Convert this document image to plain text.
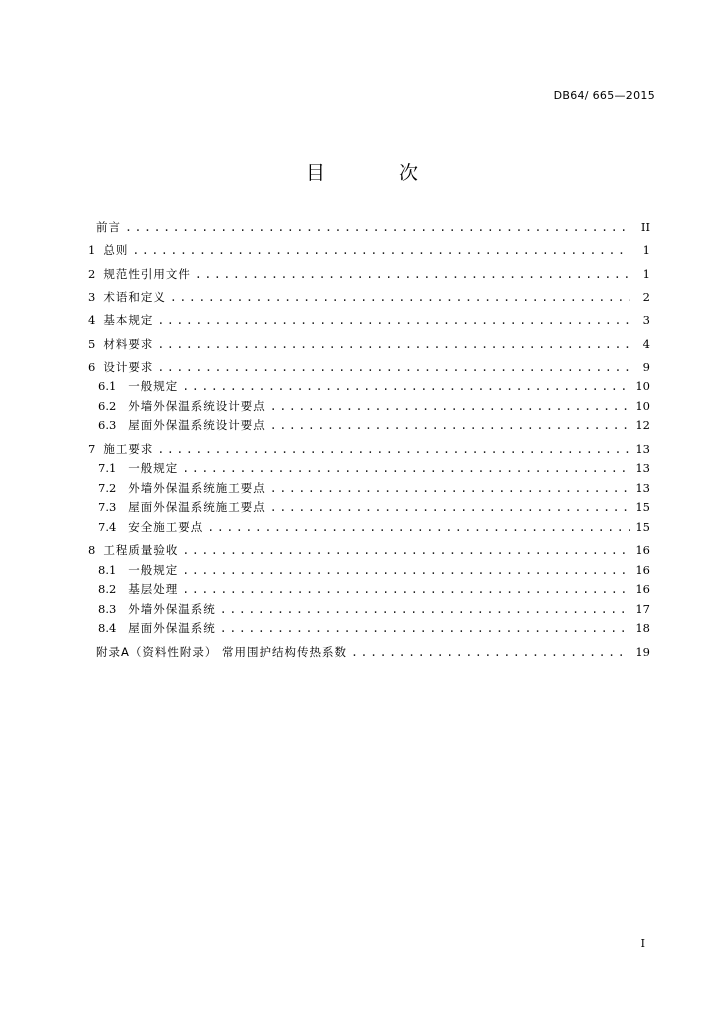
DB64/ 665—2015
目 次
前言 .....	II
1 总则 .....	1
2 规范性引用文件 .....	1
3 术语和定义 .....	2
4 基本规定 .....	3
5 材料要求 .....	4
6 设计要求 .....	9
6.1 一般规定 .....	10
6.2 外墙外保温系统设计要点 .....	10
6.3 屋面外保温系统设计要点 .....	12
7 施工要求 .....	13
7.1 一般规定 .....	13
7.2 外墙外保温系统施工要点 .....	13
7.3 屋面外保温系统施工要点 .....	15
7.4 安全施工要点 .....	15
8 工程质量验收 .....	16
8.1 一般规定 .....	16
8.2 基层处理 .....	16
8.3 外墙外保温系统 .....	17
8.4 屋面外保温系统 .....	18
附录A（资料性附录） 常用围护结构传热系数 .....	19
I
